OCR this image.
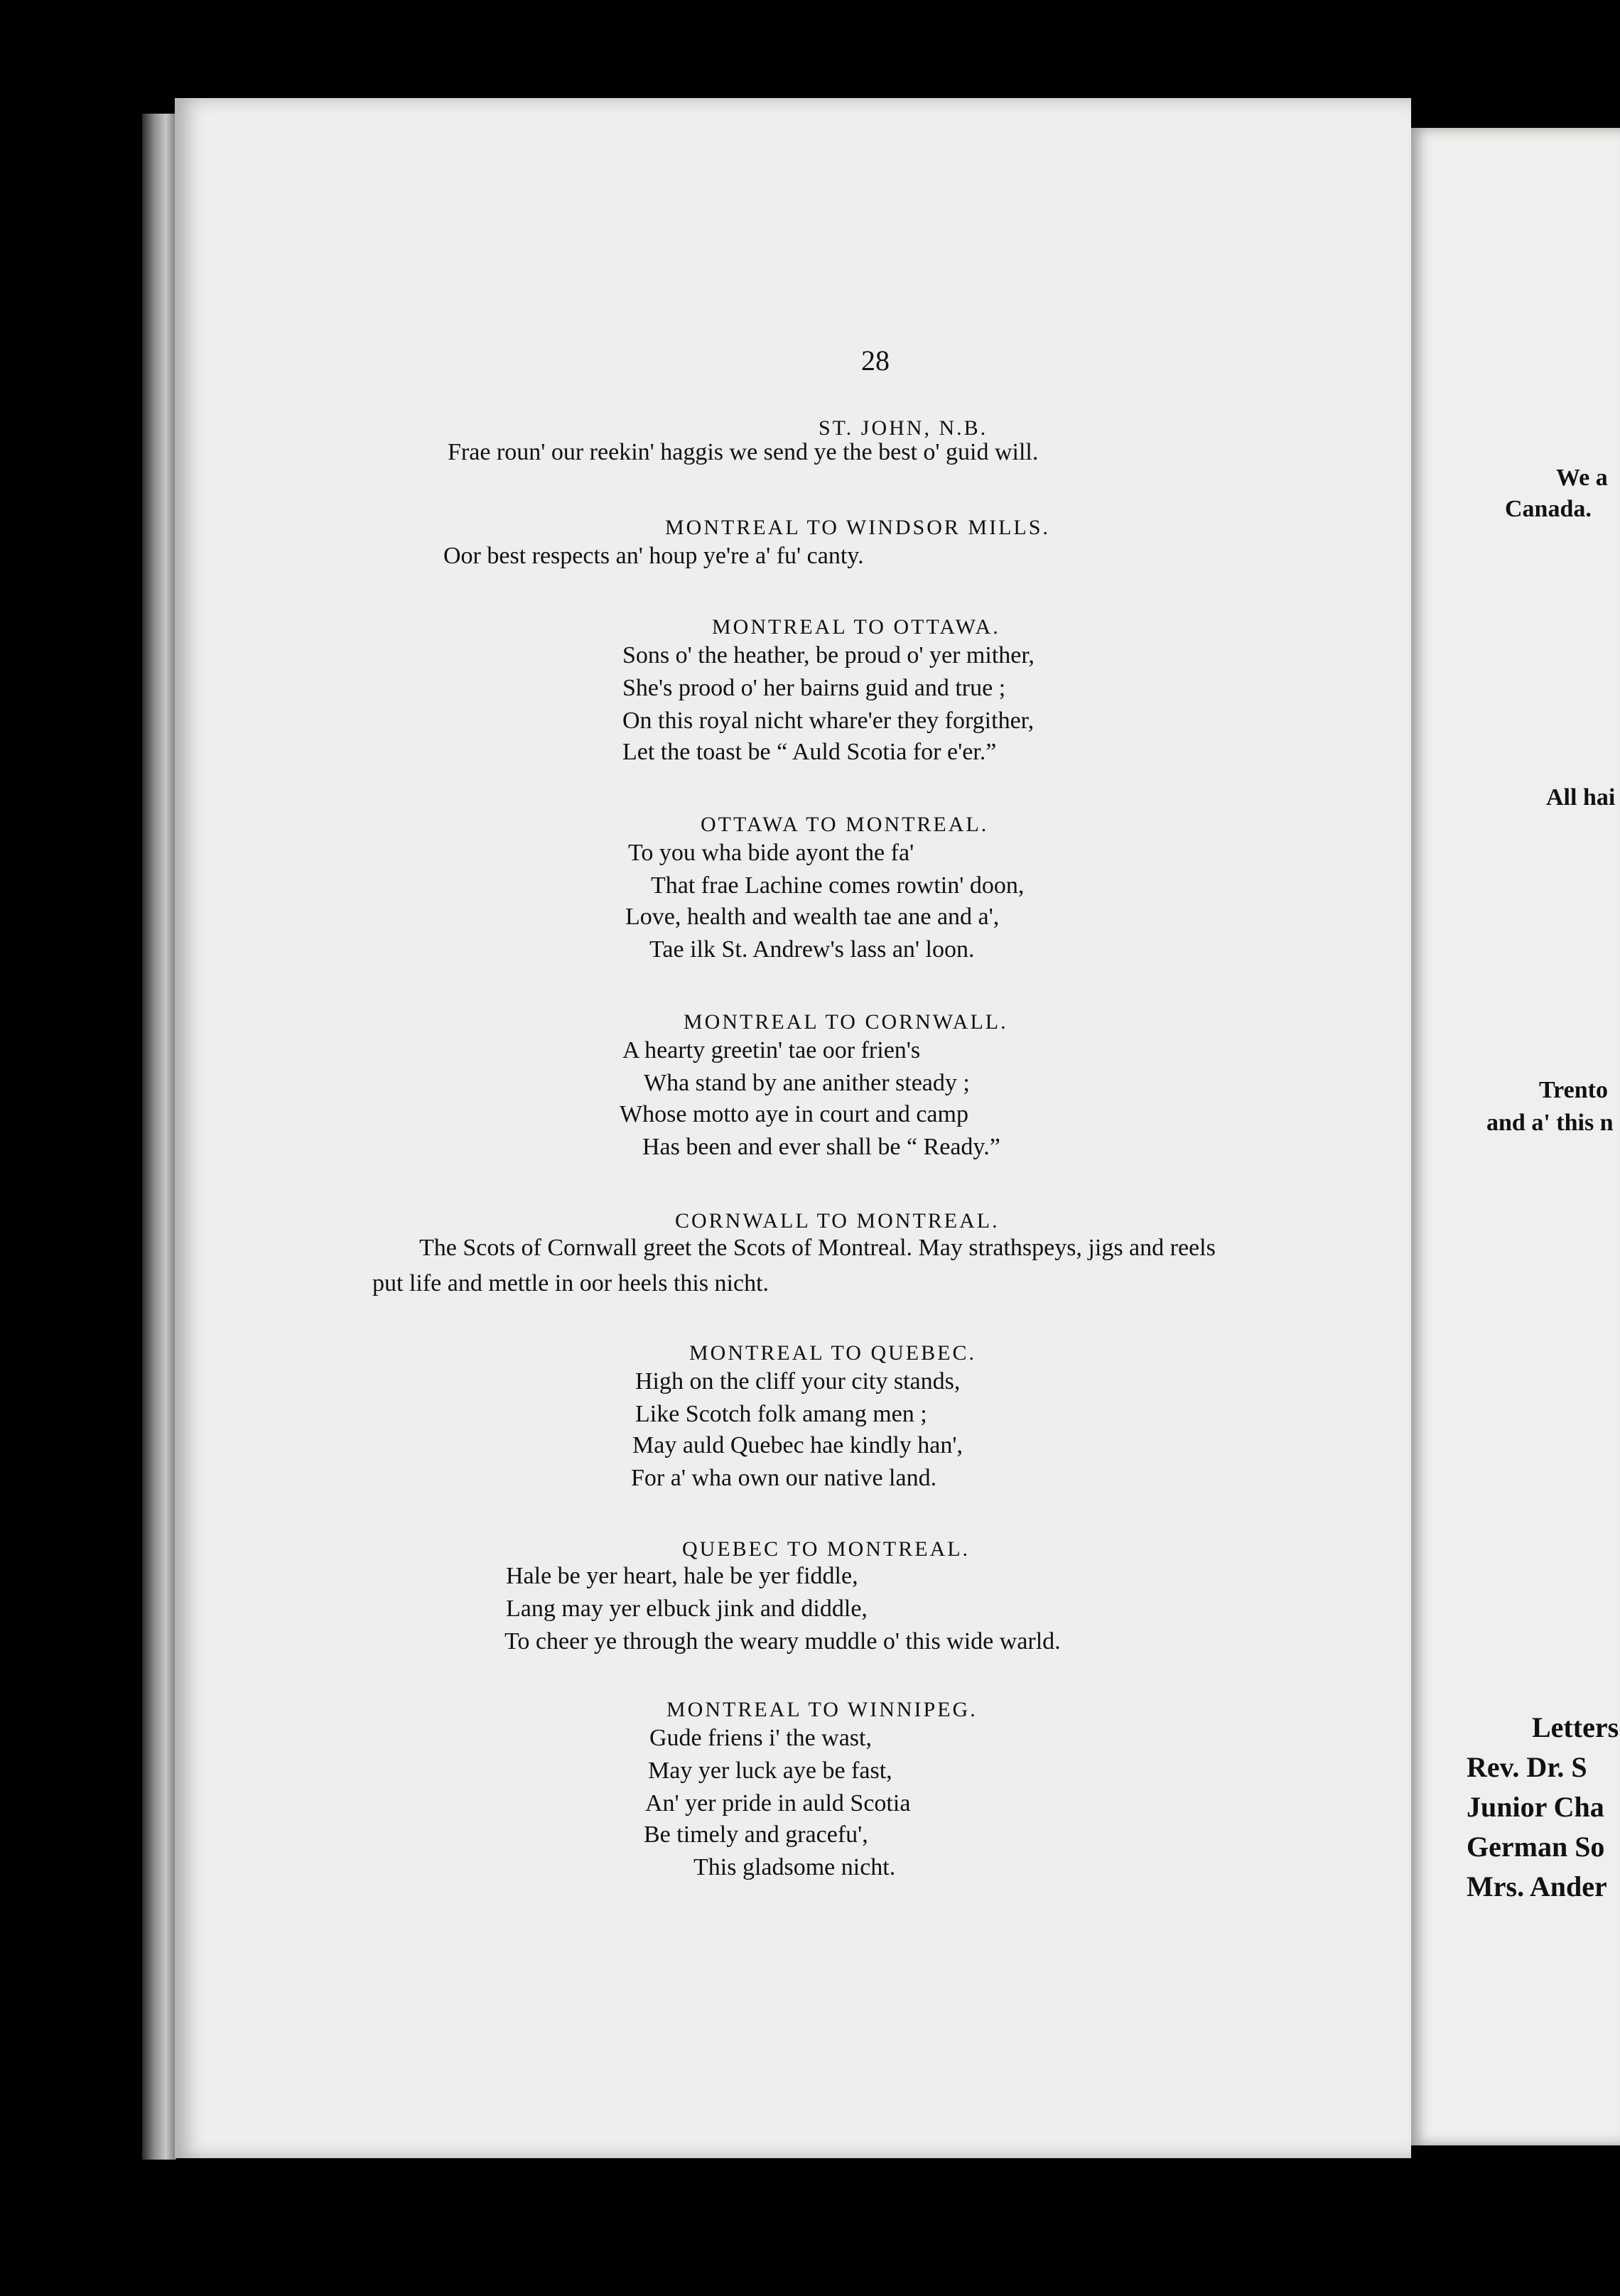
28
ST. JOHN, N.B.
Frae roun' our reekin' haggis we send ye the best o' guid will.
MONTREAL TO WINDSOR MILLS.
Oor best respects an' houp ye're a' fu' canty.
MONTREAL TO OTTAWA.
Sons o' the heather, be proud o' yer mither,
She's prood o' her bairns guid and true ;
On this royal nicht whare'er they forgither,
Let the toast be “ Auld Scotia for e'er.”
OTTAWA TO MONTREAL.
To you wha bide ayont the fa'
That frae Lachine comes rowtin' doon,
Love, health and wealth tae ane and a',
Tae ilk St. Andrew's lass an' loon.
MONTREAL TO CORNWALL.
A hearty greetin' tae oor frien's
Wha stand by ane anither steady ;
Whose motto aye in court and camp
Has been and ever shall be “ Ready.”
CORNWALL TO MONTREAL.
The Scots of Cornwall greet the Scots of Montreal. May strathspeys, jigs and reels
put life and mettle in oor heels this nicht.
MONTREAL TO QUEBEC.
High on the cliff your city stands,
Like Scotch folk amang men ;
May auld Quebec hae kindly han',
For a' wha own our native land.
QUEBEC TO MONTREAL.
Hale be yer heart, hale be yer fiddle,
Lang may yer elbuck jink and diddle,
To cheer ye through the weary muddle o' this wide warld.
MONTREAL TO WINNIPEG.
Gude friens i' the wast,
May yer luck aye be fast,
An' yer pride in auld Scotia
Be timely and gracefu',
This gladsome nicht.
We a
Canada.
All hai
Trento
and a' this n
Letters
Rev. Dr. S
Junior Cha
German So
Mrs. Ander
